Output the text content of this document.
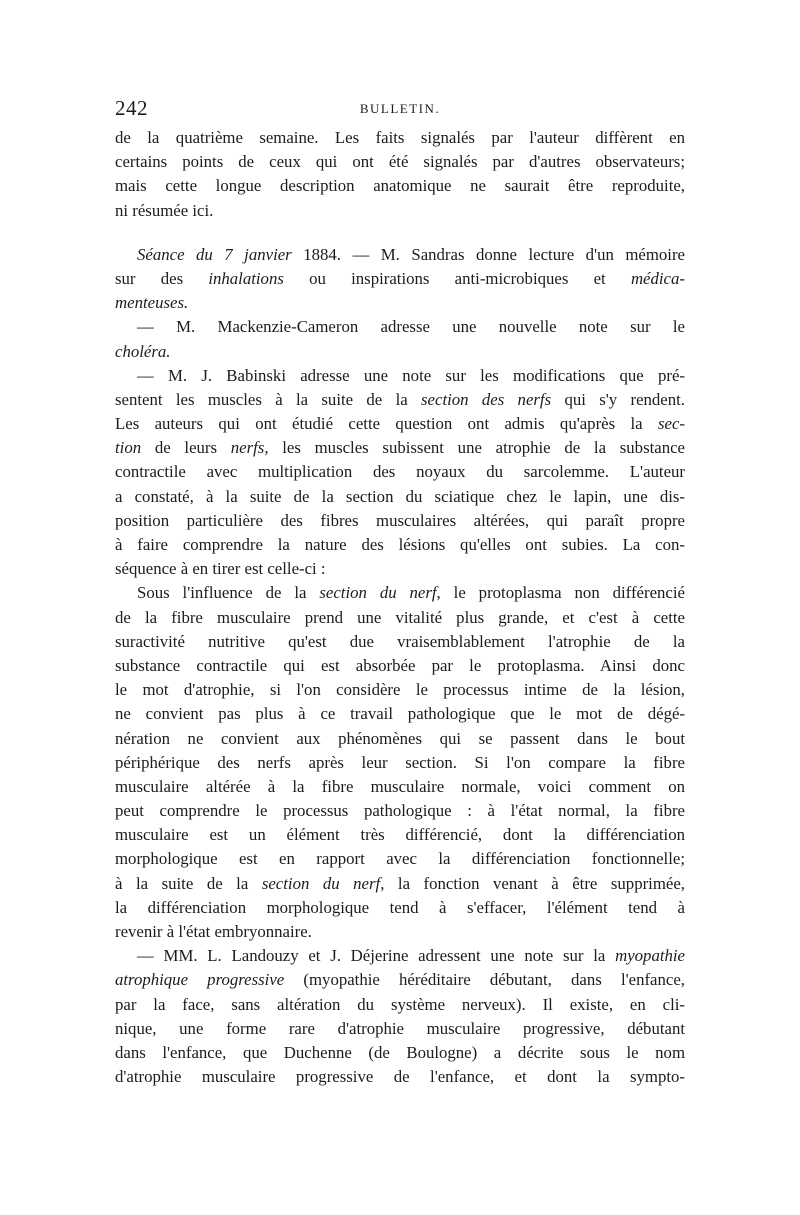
242	BULLETIN.
de la quatrième semaine. Les faits signalés par l'auteur diffèrent en
certains points de ceux qui ont été signalés par d'autres observateurs;
mais cette longue description anatomique ne saurait être reproduite,
ni résumée ici.
Séance du 7 janvier 1884. — M. Sandras donne lecture d'un mémoire
sur des inhalations ou inspirations anti-microbiques et médica-
menteuses.
— M. Mackenzie-Cameron adresse une nouvelle note sur le
choléra.
— M. J. Babinski adresse une note sur les modifications que pré-
sentent les muscles à la suite de la section des nerfs qui s'y rendent.
Les auteurs qui ont étudié cette question ont admis qu'après la sec-
tion de leurs nerfs, les muscles subissent une atrophie de la substance
contractile avec multiplication des noyaux du sarcolemme. L'auteur
a constaté, à la suite de la section du sciatique chez le lapin, une dis-
position particulière des fibres musculaires altérées, qui paraît propre
à faire comprendre la nature des lésions qu'elles ont subies. La con-
séquence à en tirer est celle-ci :
Sous l'influence de la section du nerf, le protoplasma non différencié
de la fibre musculaire prend une vitalité plus grande, et c'est à cette
suractivité nutritive qu'est due vraisemblablement l'atrophie de la
substance contractile qui est absorbée par le protoplasma. Ainsi donc
le mot d'atrophie, si l'on considère le processus intime de la lésion,
ne convient pas plus à ce travail pathologique que le mot de dégé-
nération ne convient aux phénomènes qui se passent dans le bout
périphérique des nerfs après leur section. Si l'on compare la fibre
musculaire altérée à la fibre musculaire normale, voici comment on
peut comprendre le processus pathologique : à l'état normal, la fibre
musculaire est un élément très différencié, dont la différenciation
morphologique est en rapport avec la différenciation fonctionnelle;
à la suite de la section du nerf, la fonction venant à être supprimée,
la différenciation morphologique tend à s'effacer, l'élément tend à
revenir à l'état embryonnaire.
— MM. L. Landouzy et J. Déjerine adressent une note sur la myopathie
atrophique progressive (myopathie héréditaire débutant, dans l'enfance,
par la face, sans altération du système nerveux). Il existe, en cli-
nique, une forme rare d'atrophie musculaire progressive, débutant
dans l'enfance, que Duchenne (de Boulogne) a décrite sous le nom
d'atrophie musculaire progressive de l'enfance, et dont la sympto-
